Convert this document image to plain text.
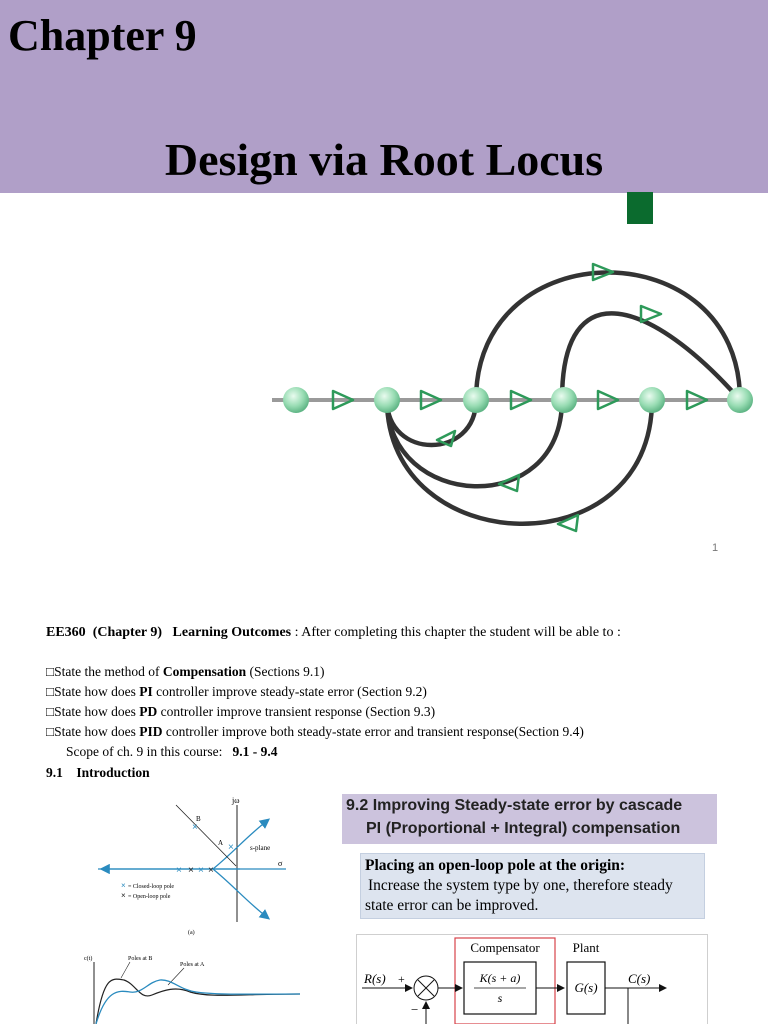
Chapter 9
Design via Root Locus
1
EE360 (Chapter 9) Learning Outcomes : After completing this chapter the student will be able to :
□State the method of Compensation (Sections 9.1)
□State how does PI controller improve steady-state error (Section 9.2)
□State how does PD controller improve transient response (Section 9.3)
□State how does PID controller improve both steady-state error and transient response(Section 9.4)
Scope of ch. 9 in this course: 9.1 - 9.4
9.1    Introduction
× × × ×
×
×
jω
s-plane
σ
B
A
× = Closed-loop pole
× = Open-loop pole
(a)
c(t)	Poles at B
Poles at A
9.2 Improving Steady-state error by cascade
PI (Proportional + Integral) compensation
Placing an open-loop pole at the origin:
Increase the system type by one, therefore steady
state error can be improved.
Compensator	Plant
R(s) +
−
K(s + a)
s
G(s)
C(s)
